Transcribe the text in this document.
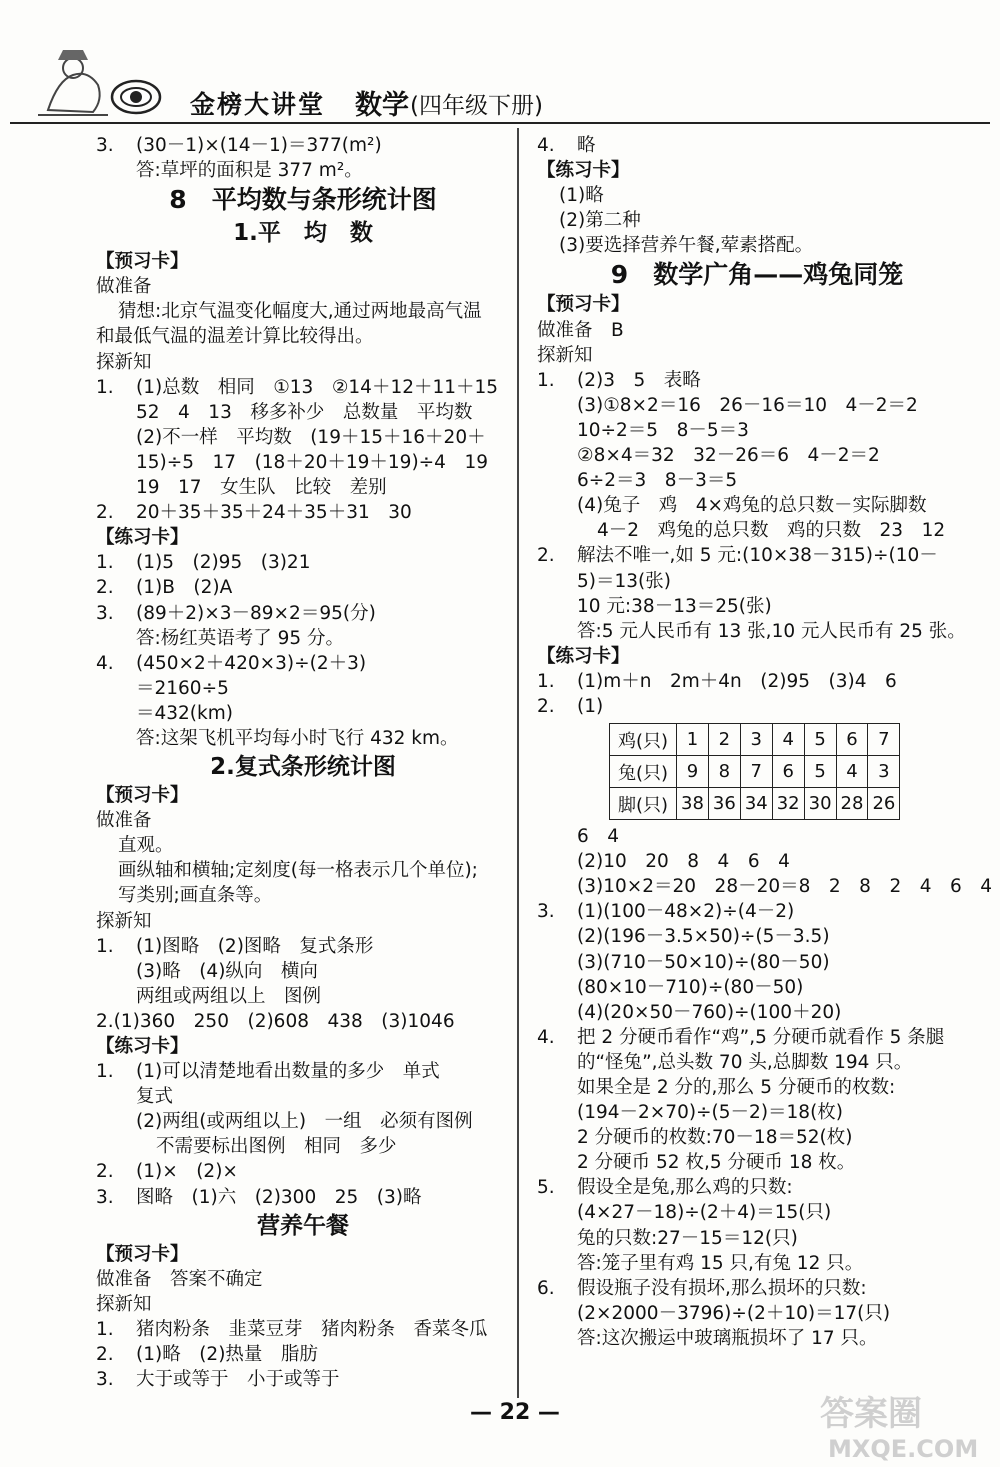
金榜大讲堂 数学 (四年级下册)
3. (30－1)×(14－1)＝377(m²)
答:草坪的面积是 377 m²。
8　平均数与条形统计图
1.平　均　数
【预习卡】
做准备
猜想:北京气温变化幅度大,通过两地最高气温
和最低气温的温差计算比较得出。
探新知
1. (1)总数　相同　①13　②14＋12＋11＋15
52　4　13　移多补少　总数量　平均数
(2)不一样　平均数　(19＋15＋16＋20＋
15)÷5　17　(18＋20＋19＋19)÷4　19
19　17　女生队　比较　差别
2. 20＋35＋35＋24＋35＋31　30
【练习卡】
1. (1)5　(2)95　(3)21
2. (1)B　(2)A
3. (89＋2)×3－89×2＝95(分)
答:杨红英语考了 95 分。
4. (450×2＋420×3)÷(2＋3)
＝2160÷5
＝432(km)
答:这架飞机平均每小时飞行 432 km。
2.复式条形统计图
【预习卡】
做准备
直观。
画纵轴和横轴;定刻度(每一格表示几个单位);
写类别;画直条等。
探新知
1. (1)图略　(2)图略　复式条形
(3)略　(4)纵向　横向
两组或两组以上　图例
2.(1)360　250　(2)608　438　(3)1046
【练习卡】
1. (1)可以清楚地看出数量的多少　单式
复式
(2)两组(或两组以上)　一组　必须有图例
不需要标出图例　相同　多少
2. (1)×　(2)×
3. 图略　(1)六　(2)300　25　(3)略
营养午餐
【预习卡】
做准备　答案不确定
探新知
1. 猪肉粉条　韭菜豆芽　猪肉粉条　香菜冬瓜
2. (1)略　(2)热量　脂肪
3. 大于或等于　小于或等于
4. 略
【练习卡】
(1)略
(2)第二种
(3)要选择营养午餐,荤素搭配。
9　数学广角——鸡兔同笼
【预习卡】
做准备　B
探新知
1. (2)3　5　表略
(3)①8×2＝16　26－16＝10　4－2＝2
10÷2＝5　8－5＝3
②8×4＝32　32－26＝6　4－2＝2
6÷2＝3　8－3＝5
(4)兔子　鸡　4×鸡兔的总只数－实际脚数
4－2　鸡兔的总只数　鸡的只数　23　12
2. 解法不唯一,如 5 元:(10×38－315)÷(10－
5)＝13(张)
10 元:38－13＝25(张)
答:5 元人民币有 13 张,10 元人民币有 25 张。
【练习卡】
1. (1)m＋n　2m＋4n　(2)95　(3)4　6
2. (1)
鸡(只)	1	2	3	4	5	6	7
兔(只)	9	8	7	6	5	4	3
脚(只)	38	36	34	32	30	28	26
6　4
(2)10　20　8　4　6　4
(3)10×2＝20　28－20＝8　2　8　2　4　6　4
3. (1)(100－48×2)÷(4－2)
(2)(196－3.5×50)÷(5－3.5)
(3)(710－50×10)÷(80－50)
(80×10－710)÷(80－50)
(4)(20×50－760)÷(100＋20)
4. 把 2 分硬币看作“鸡”,5 分硬币就看作 5 条腿
的“怪兔”,总头数 70 头,总脚数 194 只。
如果全是 2 分的,那么 5 分硬币的枚数:
(194－2×70)÷(5－2)＝18(枚)
2 分硬币的枚数:70－18＝52(枚)
2 分硬币 52 枚,5 分硬币 18 枚。
5. 假设全是兔,那么鸡的只数:
(4×27－18)÷(2＋4)＝15(只)
兔的只数:27－15＝12(只)
答:笼子里有鸡 15 只,有兔 12 只。
6. 假设瓶子没有损坏,那么损坏的只数:
(2×2000－3796)÷(2＋10)＝17(只)
答:这次搬运中玻璃瓶损坏了 17 只。
— 22 —	答案圈
MXQE.COM
